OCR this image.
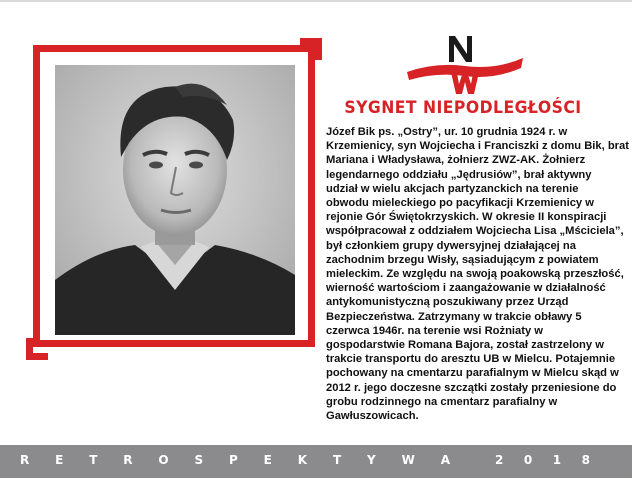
SYGNET NIEPODLEGŁOŚCI
Józef Bik ps. „Ostry”, ur. 10 grudnia 1924 r. w
Krzemienicy, syn Wojciecha i Franciszki z domu Bik, brat
Mariana i Władysława, żołnierz ZWZ-AK. Żołnierz
legendarnego oddziału „Jędrusiów”, brał aktywny
udział w wielu akcjach partyzanckich na terenie
obwodu mieleckiego po pacyfikacji Krzemienicy w
rejonie Gór Świętokrzyskich. W okresie II konspiracji
współpracował z oddziałem Wojciecha Lisa „Mściciela”,
był członkiem grupy dywersyjnej działającej na
zachodnim brzegu Wisły, sąsiadującym z powiatem
mieleckim. Ze względu na swoją poakowską przeszłość,
wierność wartościom i zaangażowanie w działalność
antykomunistyczną poszukiwany przez Urząd
Bezpieczeństwa. Zatrzymany w trakcie obławy 5
czerwca 1946r. na terenie wsi Rożniaty w
gospodarstwie Romana Bajora, został zastrzelony w
trakcie transportu do aresztu UB w Mielcu. Potajemnie
pochowany na cmentarzu parafialnym w Mielcu skąd w
2012 r. jego doczesne szczątki zostały przeniesione do
grobu rodzinnego na cmentarz parafialny w
Gawłuszowicach.
R E T R O S P E K T Y W A	2 0 1 8
